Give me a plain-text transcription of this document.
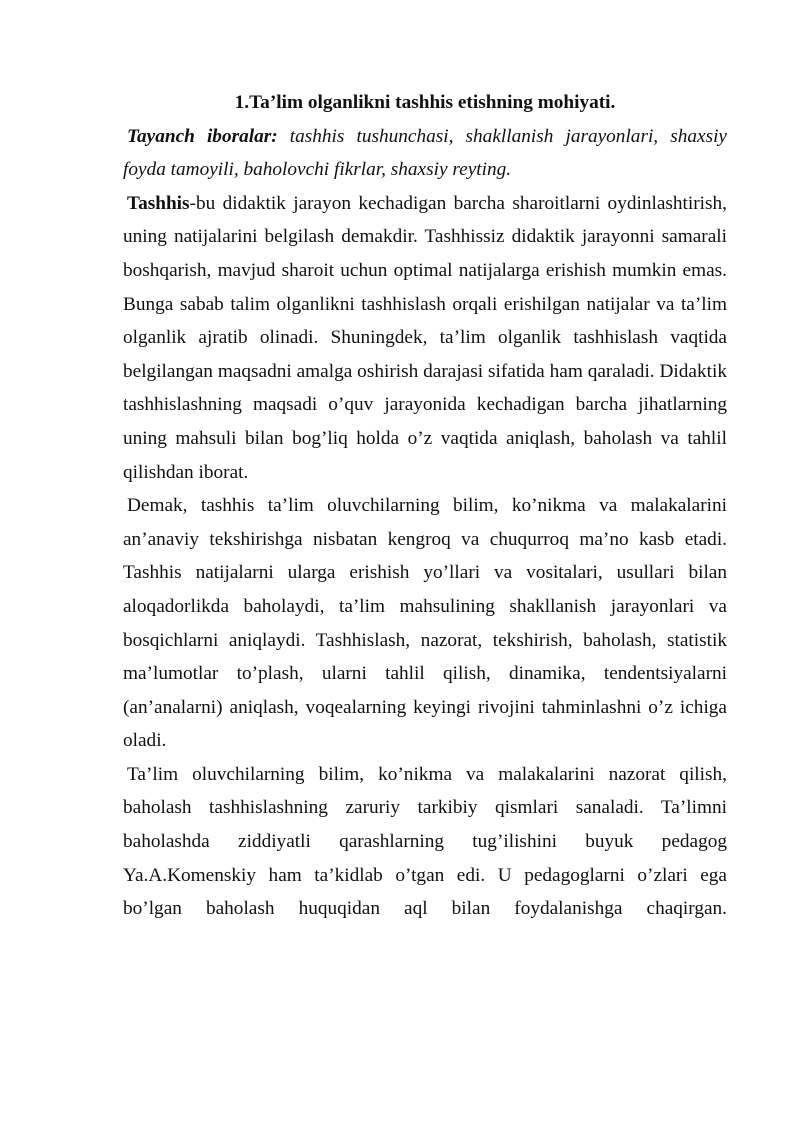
1.Ta’lim olganlikni tashhis etishning mohiyati.

Tayanch iboralar: tashhis tushunchasi, shakllanish jarayonlari, shaxsiy foyda tamoyili, baholovchi fikrlar, shaxsiy reyting.

Tashhis-bu didaktik jarayon kechadigan barcha sharoitlarni oydinlashtirish, uning natijalarini belgilash demakdir. Tashhissiz didaktik jarayonni samarali boshqarish, mavjud sharoit uchun optimal natijalarga erishish mumkin emas. Bunga sabab talim olganlikni tashhislash orqali erishilgan natijalar va ta’lim olganlik ajratib olinadi. Shuningdek, ta’lim olganlik tashhislash vaqtida belgilangan maqsadni amalga oshirish darajasi sifatida ham qaraladi. Didaktik tashhislashning maqsadi o’quv jarayonida kechadigan barcha jihatlarning uning mahsuli bilan bog’liq holda o’z vaqtida aniqlash, baholash va tahlil qilishdan iborat.

Demak, tashhis ta’lim oluvchilarning bilim, ko’nikma va malakalarini an’anaviy tekshirishga nisbatan kengroq va chuqurroq ma’no kasb etadi. Tashhis natijalarni ularga erishish yo’llari va vositalari, usullari bilan aloqadorlikda baholaydi, ta’lim mahsulining shakllanish jarayonlari va bosqichlarni aniqlaydi. Tashhislash, nazorat, tekshirish, baholash, statistik ma’lumotlar to’plash, ularni tahlil qilish, dinamika, tendentsiyalarni (an’analarni) aniqlash, voqealarning keyingi rivojini tahminlashni o’z ichiga oladi.

Ta’lim oluvchilarning bilim, ko’nikma va malakalarini nazorat qilish, baholash tashhislashning zaruriy tarkibiy qismlari sanaladi. Ta’limni baholashda ziddiyatli qarashlarning tug’ilishini buyuk pedagog Ya.A.Komenskiy ham ta’kidlab o’tgan edi. U pedagoglarni o’zlari ega bo’lgan baholash huquqidan aql bilan foydalanishga chaqirgan.
